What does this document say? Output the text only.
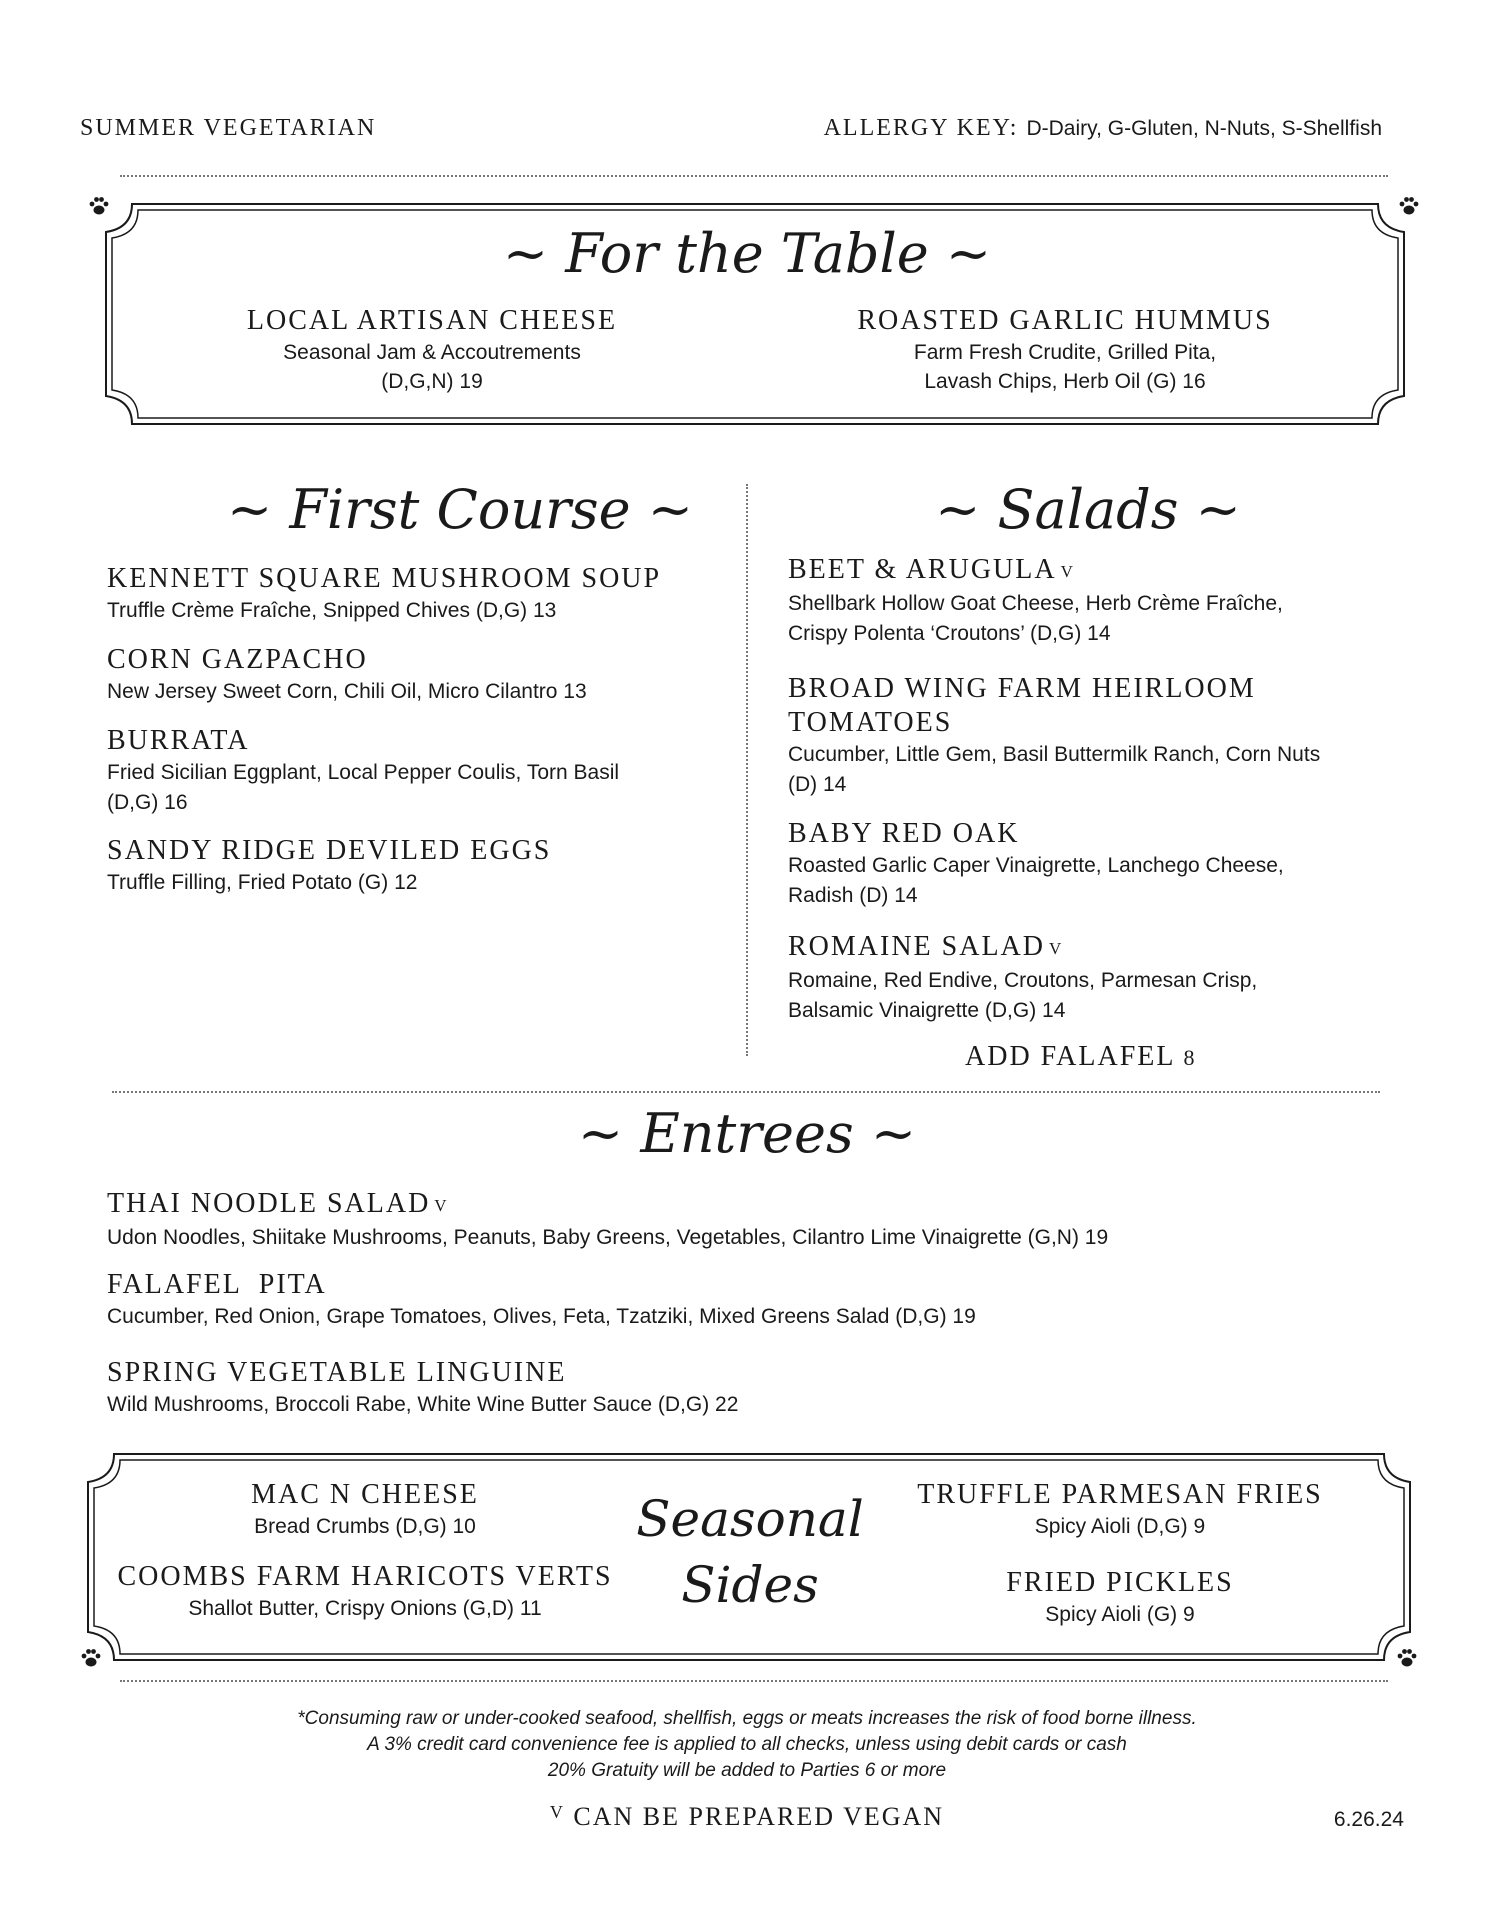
SUMMER VEGETARIAN	ALLERGY KEY: D-Dairy, G-Gluten, N-Nuts, S-Shellfish
~ For the Table ~
LOCAL ARTISAN CHEESE
Seasonal Jam & Accoutrements
(D,G,N) 19
ROASTED GARLIC HUMMUS
Farm Fresh Crudite, Grilled Pita,
Lavash Chips, Herb Oil (G) 16
~ First Course ~
KENNETT SQUARE MUSHROOM SOUP
Truffle Crème Fraîche, Snipped Chives (D,G) 13
CORN GAZPACHO
New Jersey Sweet Corn, Chili Oil, Micro Cilantro 13
BURRATA
Fried Sicilian Eggplant, Local Pepper Coulis, Torn Basil
(D,G) 16
SANDY RIDGE DEVILED EGGS
Truffle Filling, Fried Potato (G) 12
~ Salads ~
BEET & ARUGULA V
Shellbark Hollow Goat Cheese, Herb Crème Fraîche,
Crispy Polenta ‘Croutons’ (D,G) 14
BROAD WING FARM HEIRLOOM
TOMATOES
Cucumber, Little Gem, Basil Buttermilk Ranch, Corn Nuts
(D) 14
BABY RED OAK
Roasted Garlic Caper Vinaigrette, Lanchego Cheese,
Radish (D) 14
ROMAINE SALAD V
Romaine, Red Endive, Croutons, Parmesan Crisp,
Balsamic Vinaigrette (D,G) 14
ADD FALAFEL 8
~ Entrees ~
THAI NOODLE SALAD V
Udon Noodles, Shiitake Mushrooms, Peanuts, Baby Greens, Vegetables, Cilantro Lime Vinaigrette (G,N) 19
FALAFEL  PITA
Cucumber, Red Onion, Grape Tomatoes, Olives, Feta, Tzatziki, Mixed Greens Salad (D,G) 19
SPRING VEGETABLE LINGUINE
Wild Mushrooms, Broccoli Rabe, White Wine Butter Sauce (D,G) 22
MAC N CHEESE
Bread Crumbs (D,G) 10
COOMBS FARM HARICOTS VERTS
Shallot Butter, Crispy Onions (G,D) 11
Seasonal
Sides
TRUFFLE PARMESAN FRIES
Spicy Aioli (D,G) 9
FRIED PICKLES
Spicy Aioli (G) 9
*Consuming raw or under-cooked seafood, shellfish, eggs or meats increases the risk of food borne illness.
A 3% credit card convenience fee is applied to all checks, unless using debit cards or cash
20% Gratuity will be added to Parties 6 or more
$^V$ CAN BE PREPARED VEGAN	6.26.24
